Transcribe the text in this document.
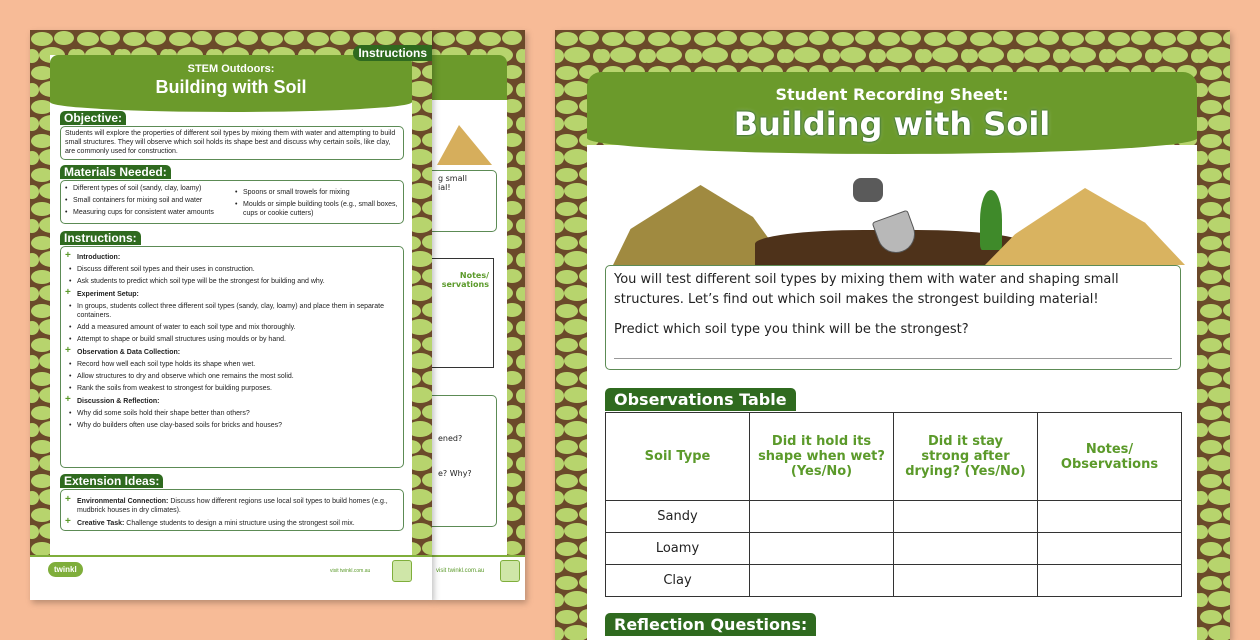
STEM Outdoors:
Building with Soil
Instructions
Objective:
Students will explore the properties of different soil types by mixing them with water and attempting to build small structures. They will observe which soil holds its shape best and discuss why certain soils, like clay, are commonly used for construction.
Materials Needed:
• Different types of soil (sandy, clay, loamy)
• Small containers for mixing soil and water
• Measuring cups for consistent water amounts
• Spoons or small trowels for mixing
• Moulds or simple building tools (e.g., small boxes, cups or cookie cutters)
Instructions:
+ Introduction:
• Discuss different soil types and their uses in construction.
• Ask students to predict which soil type will be the strongest for building and why.
+ Experiment Setup:
• In groups, students collect three different soil types (sandy, clay, loamy) and place them in separate containers.
• Add a measured amount of water to each soil type and mix thoroughly.
• Attempt to shape or build small structures using moulds or by hand.
+ Observation & Data Collection:
• Record how well each soil type holds its shape when wet.
• Allow structures to dry and observe which one remains the most solid.
• Rank the soils from weakest to strongest for building purposes.
+ Discussion & Reflection:
• Why did some soils hold their shape better than others?
• Why do builders often use clay-based soils for bricks and houses?
Extension Ideas:
+ Environmental Connection: Discuss how different regions use local soil types to build homes (e.g., mudbrick houses in dry climates).
+ Creative Task: Challenge students to design a mini structure using the strongest soil mix.
twinkl	visit twinkl.com.au
g small
ial!
Notes/
servations
ened?
e? Why?
visit twinkl.com.au
Student Recording Sheet:
Building with Soil
You will test different soil types by mixing them with water and shaping small structures. Let’s find out which soil makes the strongest building material!
Predict which soil type you think will be the strongest?
Observations Table
Soil Type	Did it hold its shape when wet? (Yes/No)	Did it stay strong after drying? (Yes/No)	Notes/ Observations
Sandy			
Loamy			
Clay			
Reflection Questions:
